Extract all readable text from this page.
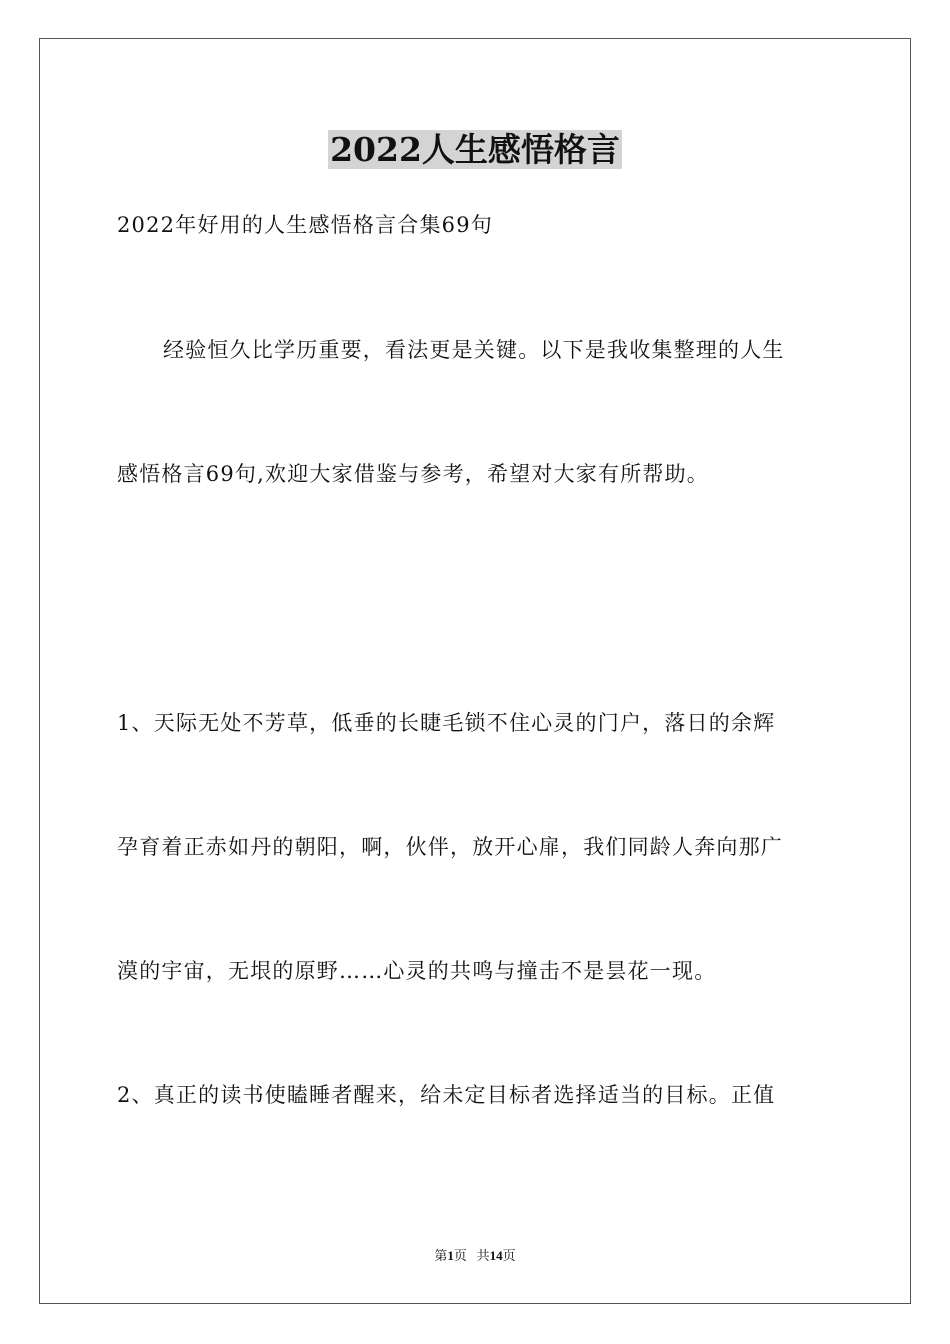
2022人生感悟格言
2022年好用的人生感悟格言合集69句
经验恒久比学历重要，看法更是关键。以下是我收集整理的人生
感悟格言69句,欢迎大家借鉴与参考，希望对大家有所帮助。
1、天际无处不芳草，低垂的长睫毛锁不住心灵的门户，落日的余辉
孕育着正赤如丹的朝阳，啊，伙伴，放开心扉，我们同龄人奔向那广
漠的宇宙，无垠的原野……心灵的共鸣与撞击不是昙花一现。
2、真正的读书使瞌睡者醒来，给未定目标者选择适当的目标。正值
第1页 共14页
